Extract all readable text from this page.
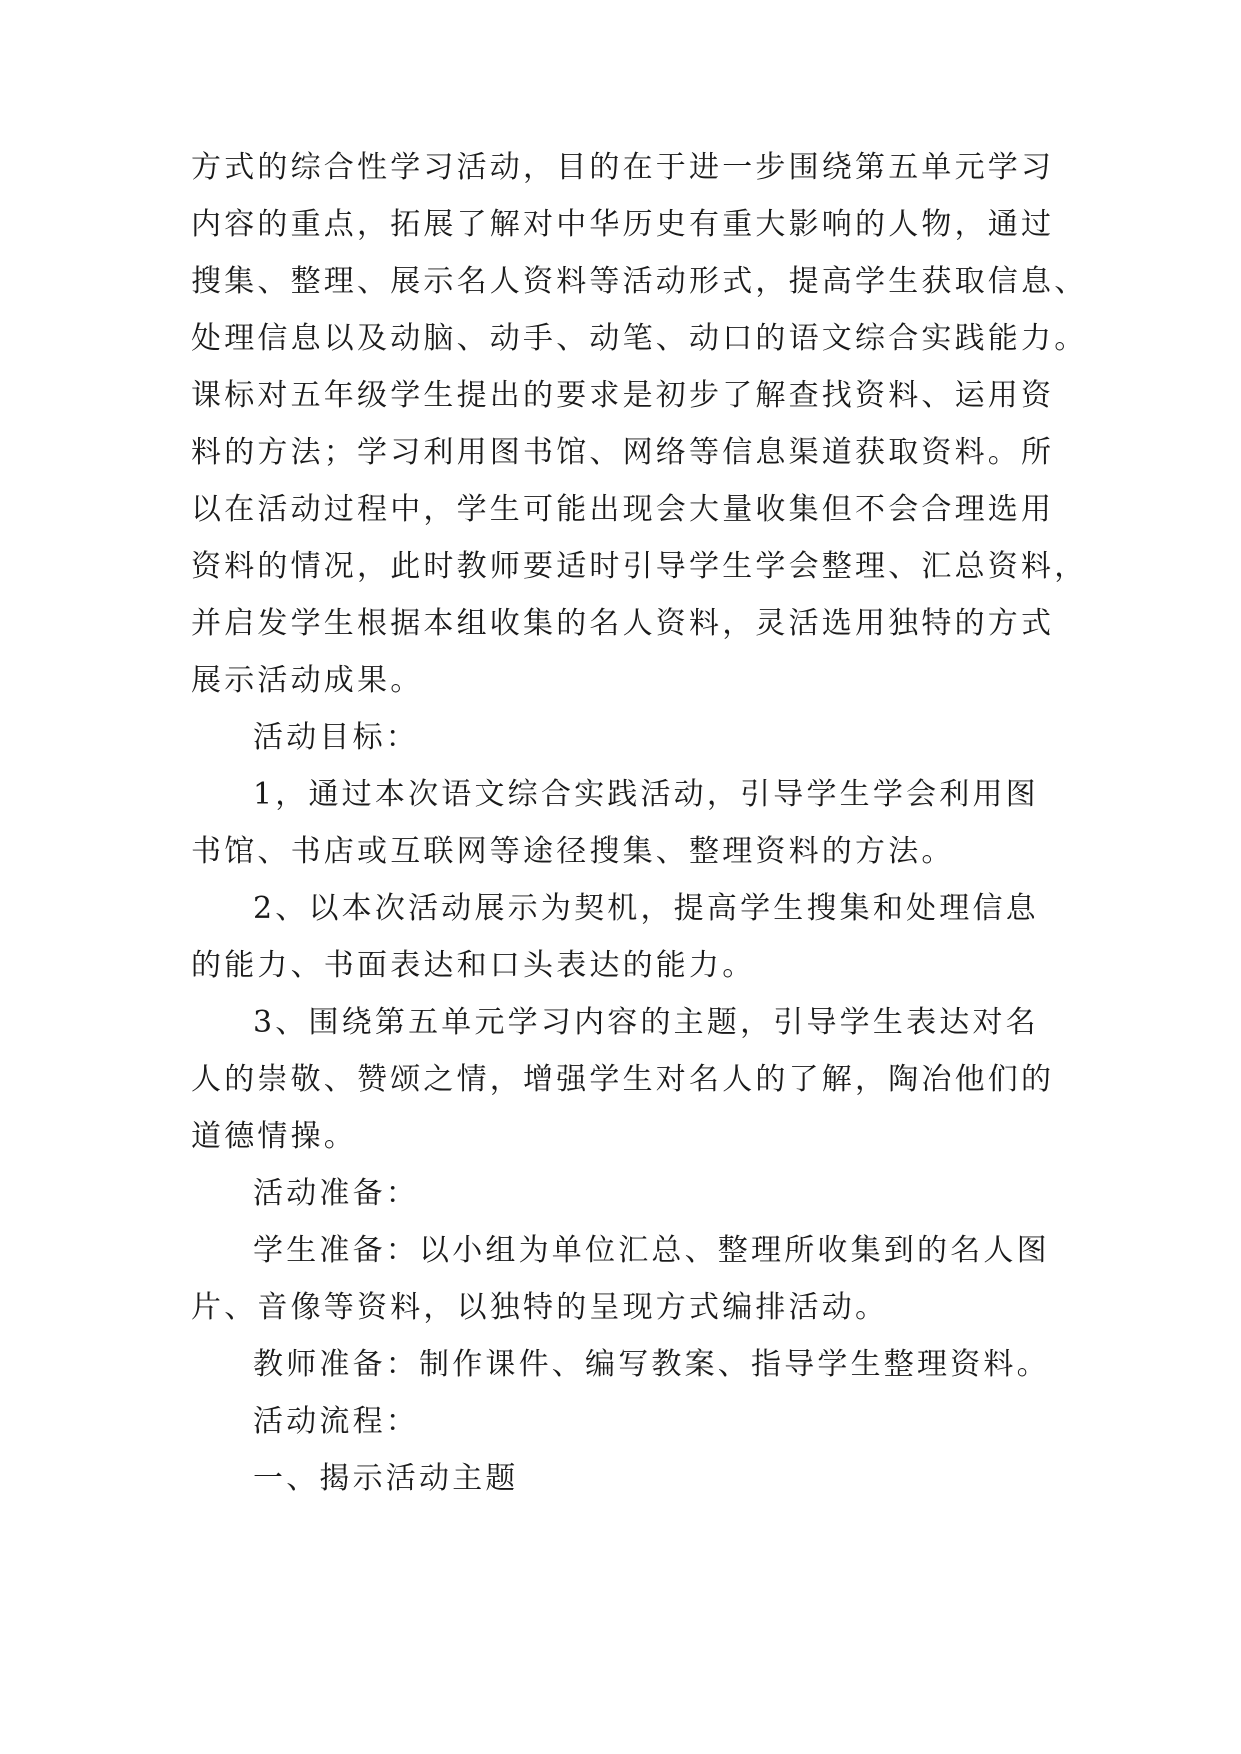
方式的综合性学习活动，目的在于进一步围绕第五单元学习
内容的重点，拓展了解对中华历史有重大影响的人物，通过
搜集、整理、展示名人资料等活动形式，提高学生获取信息、
处理信息以及动脑、动手、动笔、动口的语文综合实践能力。
课标对五年级学生提出的要求是初步了解查找资料、运用资
料的方法；学习利用图书馆、网络等信息渠道获取资料。所
以在活动过程中，学生可能出现会大量收集但不会合理选用
资料的情况，此时教师要适时引导学生学会整理、汇总资料，
并启发学生根据本组收集的名人资料，灵活选用独特的方式
展示活动成果。
活动目标：
1，通过本次语文综合实践活动，引导学生学会利用图
书馆、书店或互联网等途径搜集、整理资料的方法。
2、以本次活动展示为契机，提高学生搜集和处理信息
的能力、书面表达和口头表达的能力。
3、围绕第五单元学习内容的主题，引导学生表达对名
人的崇敬、赞颂之情，增强学生对名人的了解，陶冶他们的
道德情操。
活动准备：
学生准备：以小组为单位汇总、整理所收集到的名人图
片、音像等资料，以独特的呈现方式编排活动。
教师准备：制作课件、编写教案、指导学生整理资料。
活动流程：
一、揭示活动主题
